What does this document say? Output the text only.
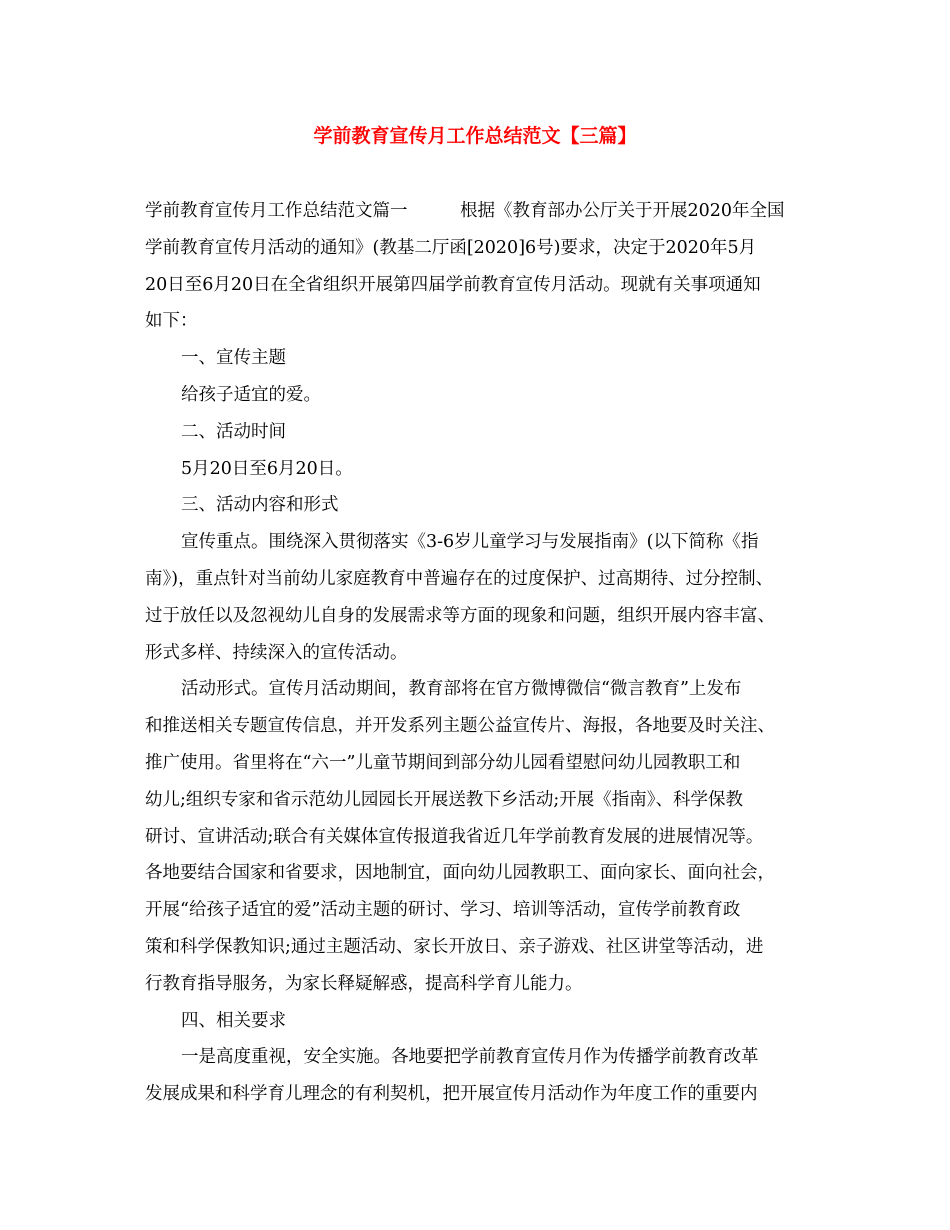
学前教育宣传月工作总结范文【三篇】

学前教育宣传月工作总结范文篇一　　　根据《教育部办公厅关于开展2020年全国

学前教育宣传月活动的通知》(教基二厅函[2020]6号)要求，决定于2020年5月

20日至6月20日在全省组织开展第四届学前教育宣传月活动。现就有关事项通知

如下：

一、宣传主题

给孩子适宜的爱。

二、活动时间

5月20日至6月20日。

三、活动内容和形式

宣传重点。围绕深入贯彻落实《3-6岁儿童学习与发展指南》(以下简称《指

南》)，重点针对当前幼儿家庭教育中普遍存在的过度保护、过高期待、过分控制、

过于放任以及忽视幼儿自身的发展需求等方面的现象和问题，组织开展内容丰富、

形式多样、持续深入的宣传活动。

活动形式。宣传月活动期间，教育部将在官方微博微信“微言教育”上发布

和推送相关专题宣传信息，并开发系列主题公益宣传片、海报，各地要及时关注、

推广使用。省里将在“六一”儿童节期间到部分幼儿园看望慰问幼儿园教职工和

幼儿;组织专家和省示范幼儿园园长开展送教下乡活动;开展《指南》、科学保教

研讨、宣讲活动;联合有关媒体宣传报道我省近几年学前教育发展的进展情况等。

各地要结合国家和省要求，因地制宜，面向幼儿园教职工、面向家长、面向社会，

开展“给孩子适宜的爱”活动主题的研讨、学习、培训等活动，宣传学前教育政

策和科学保教知识;通过主题活动、家长开放日、亲子游戏、社区讲堂等活动，进

行教育指导服务，为家长释疑解惑，提高科学育儿能力。

四、相关要求

一是高度重视，安全实施。各地要把学前教育宣传月作为传播学前教育改革

发展成果和科学育儿理念的有利契机，把开展宣传月活动作为年度工作的重要内
